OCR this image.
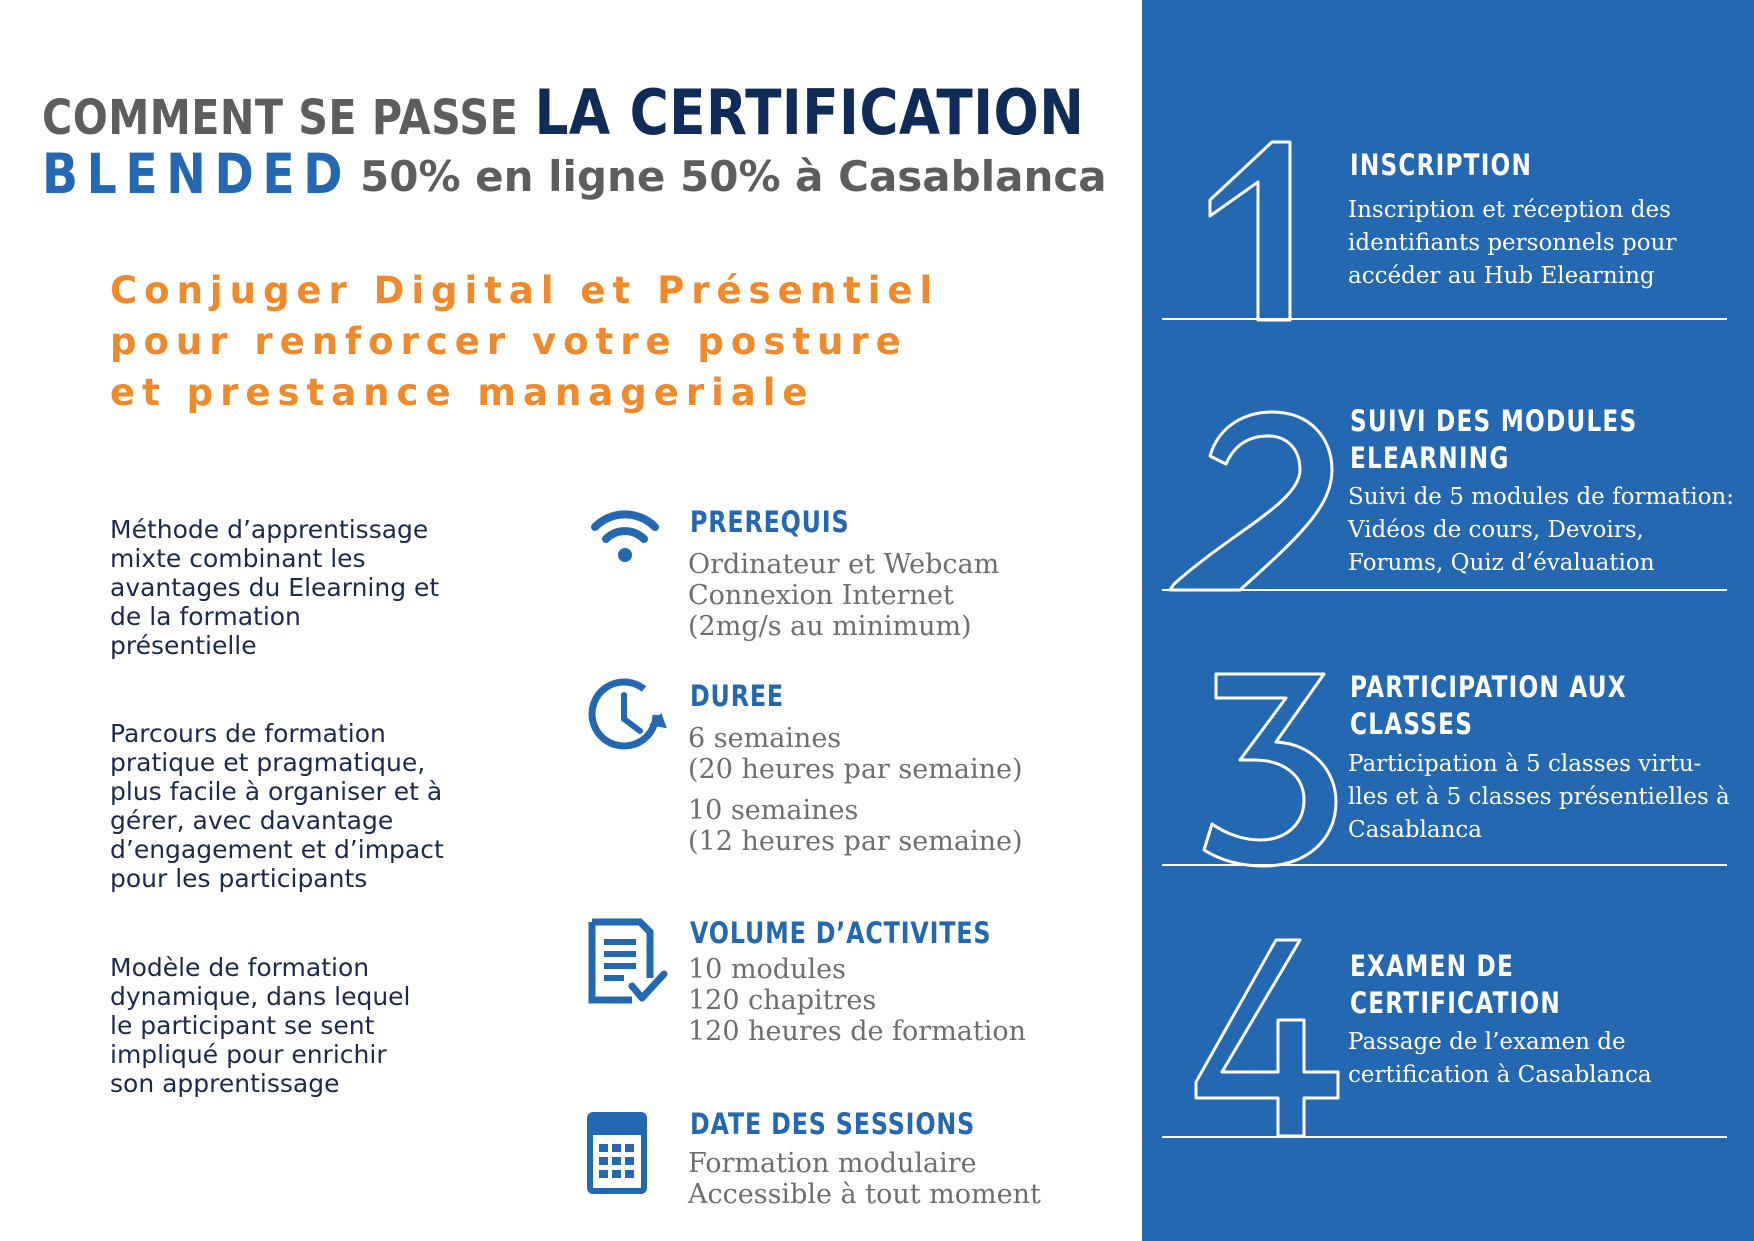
COMMENT SE PASSE LA CERTIFICATION
BLENDED 50% en ligne 50% à Casablanca
Conjuger Digital et Présentiel
pour renforcer votre posture
et prestance manageriale
Méthode d’apprentissage
mixte combinant les
avantages du Elearning et
de la formation
présentielle
Parcours de formation
pratique et pragmatique,
plus facile à organiser et à
gérer, avec davantage
d’engagement et d’impact
pour les participants
Modèle de formation
dynamique, dans lequel
le participant se sent
impliqué pour enrichir
son apprentissage
PREREQUIS
Ordinateur et Webcam
Connexion Internet
(2mg/s au minimum)
DUREE
6 semaines
(20 heures par semaine)
10 semaines
(12 heures par semaine)
VOLUME D’ACTIVITES
10 modules
120 chapitres
120 heures de formation
DATE DES SESSIONS
Formation modulaire
Accessible à tout moment
INSCRIPTION
Inscription et réception des
identifiants personnels pour
accéder au Hub Elearning
SUIVI DES MODULES
ELEARNING
Suivi de 5 modules de formation:
Vidéos de cours, Devoirs,
Forums, Quiz d’évaluation
PARTICIPATION AUX
CLASSES
Participation à 5 classes virtu-
lles et à 5 classes présentielles à
Casablanca
EXAMEN DE
CERTIFICATION
Passage de l’examen de
certification à Casablanca
